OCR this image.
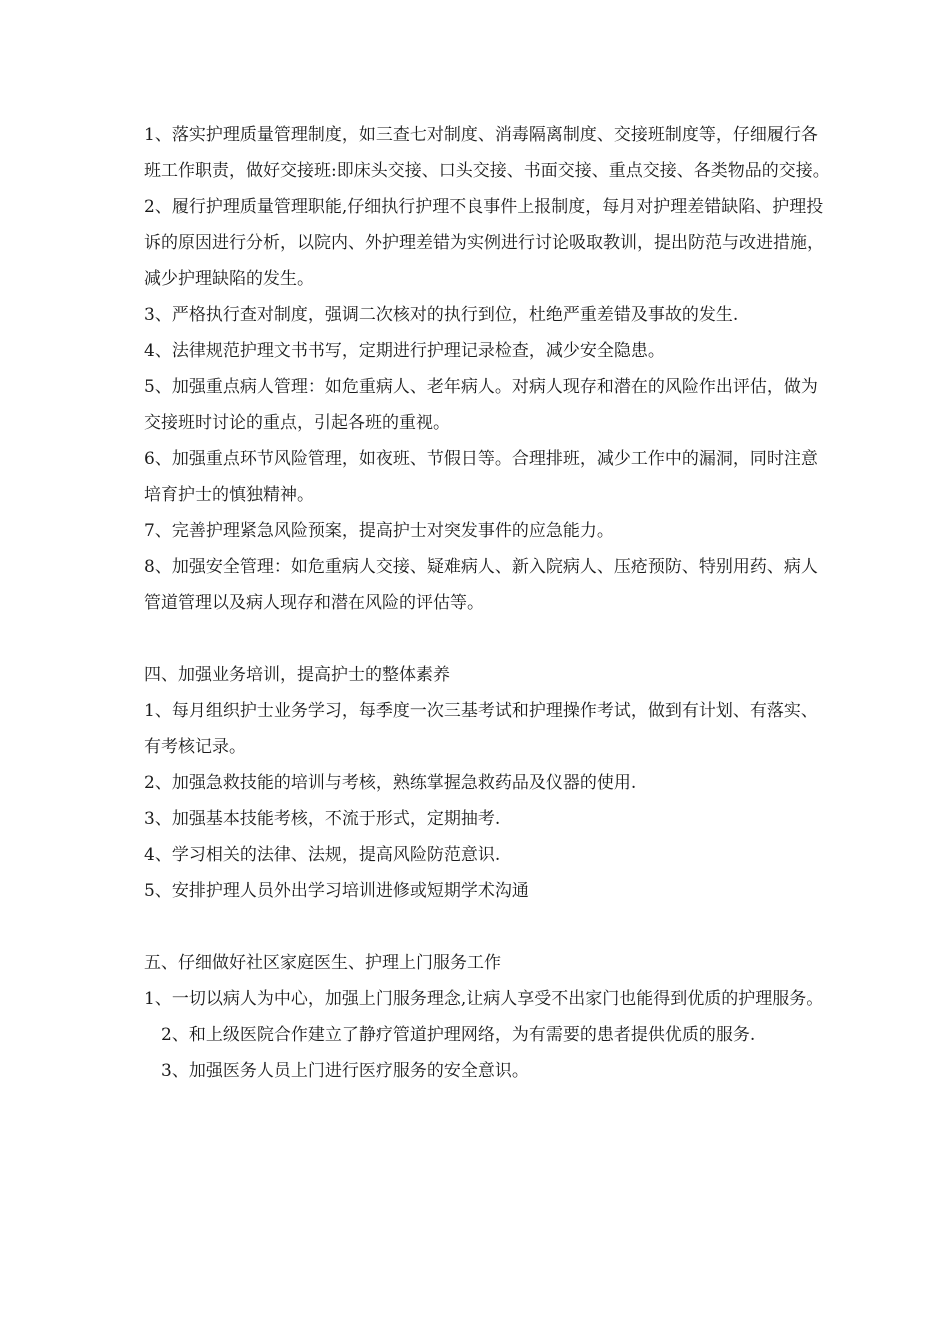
1、落实护理质量管理制度，如三查七对制度、消毒隔离制度、交接班制度等，仔细履行各班工作职责，做好交接班:即床头交接、口头交接、书面交接、重点交接、各类物品的交接。

2、履行护理质量管理职能,仔细执行护理不良事件上报制度，每月对护理差错缺陷、护理投诉的原因进行分析，以院内、外护理差错为实例进行讨论吸取教训，提出防范与改进措施，减少护理缺陷的发生。

3、严格执行查对制度，强调二次核对的执行到位，杜绝严重差错及事故的发生.

4、法律规范护理文书书写，定期进行护理记录检查，减少安全隐患。

5、加强重点病人管理：如危重病人、老年病人。对病人现存和潜在的风险作出评估，做为交接班时讨论的重点，引起各班的重视。

6、加强重点环节风险管理，如夜班、节假日等。合理排班，减少工作中的漏洞，同时注意培育护士的慎独精神。

7、完善护理紧急风险预案，提高护士对突发事件的应急能力。

8、加强安全管理：如危重病人交接、疑难病人、新入院病人、压疮预防、特别用药、病人管道管理以及病人现存和潜在风险的评估等。

四、加强业务培训，提高护士的整体素养

1、每月组织护士业务学习，每季度一次三基考试和护理操作考试，做到有计划、有落实、有考核记录。

2、加强急救技能的培训与考核，熟练掌握急救药品及仪器的使用.

3、加强基本技能考核，不流于形式，定期抽考.

4、学习相关的法律、法规，提高风险防范意识.

5、安排护理人员外出学习培训进修或短期学术沟通

五、仔细做好社区家庭医生、护理上门服务工作

1、一切以病人为中心，加强上门服务理念,让病人享受不出家门也能得到优质的护理服务。

2、和上级医院合作建立了静疗管道护理网络，为有需要的患者提供优质的服务.

3、加强医务人员上门进行医疗服务的安全意识。
